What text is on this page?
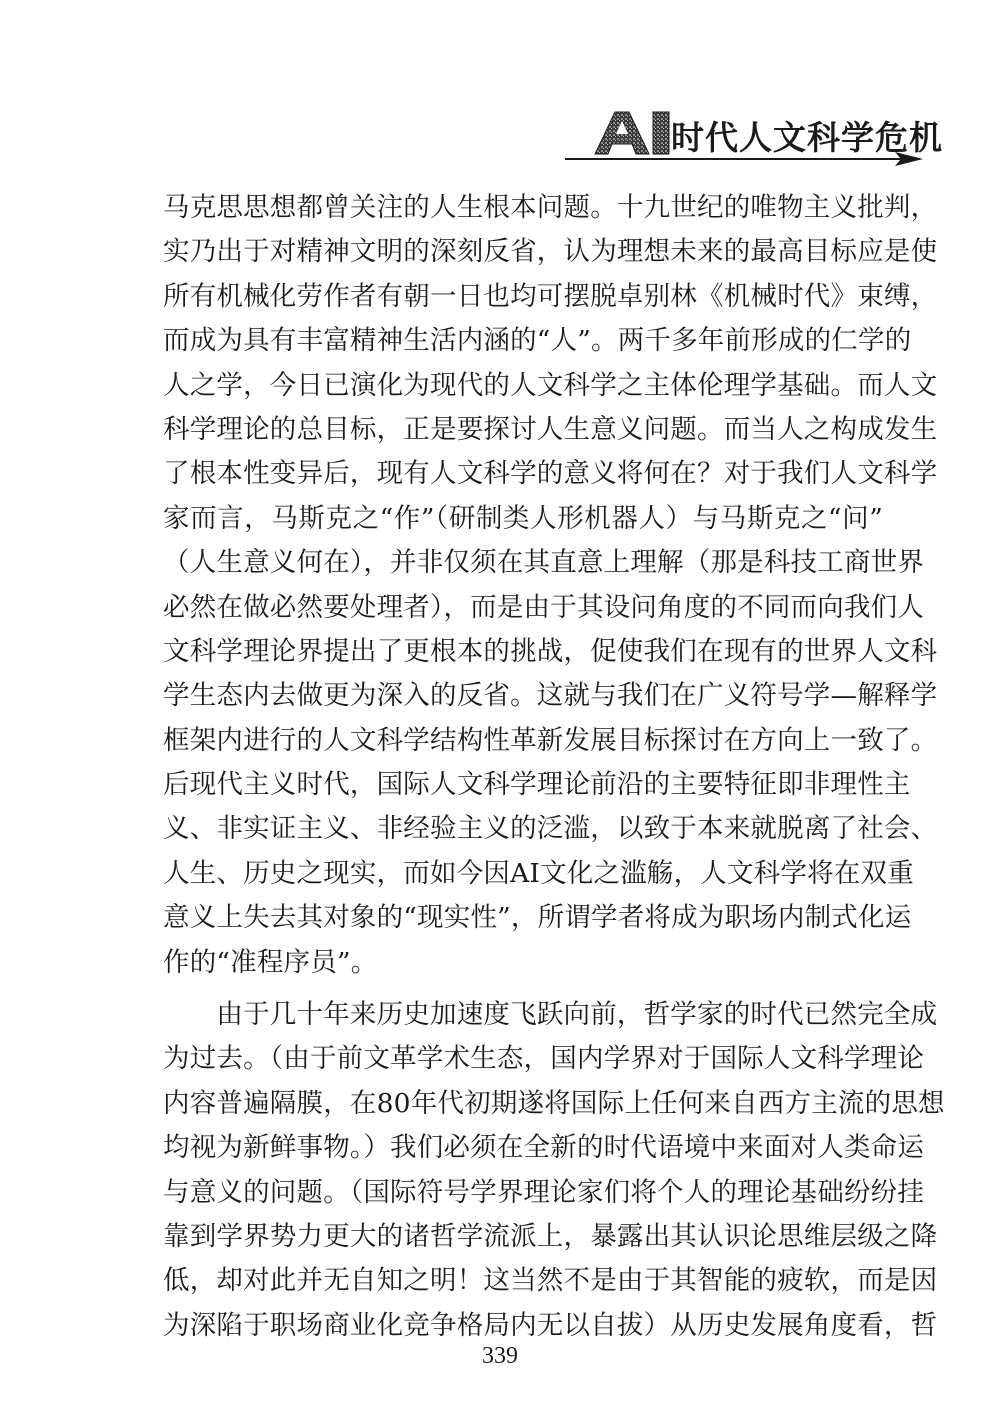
AI
时代人文科学危机
马克思思想都曾关注的人生根本问题。十九世纪的唯物主义批判，
实乃出于对精神文明的深刻反省，认为理想未来的最高目标应是使
所有机械化劳作者有朝一日也均可摆脱卓别林《机械时代》束缚，
而成为具有丰富精神生活内涵的“人”。两千多年前形成的仁学的
人之学，今日已演化为现代的人文科学之主体伦理学基础。而人文
科学理论的总目标，正是要探讨人生意义问题。而当人之构成发生
了根本性变异后，现有人文科学的意义将何在？对于我们人文科学
家而言，马斯克之“作”（研制类人形机器人）与马斯克之“问”
（人生意义何在），并非仅须在其直意上理解（那是科技工商世界
必然在做必然要处理者），而是由于其设问角度的不同而向我们人
文科学理论界提出了更根本的挑战，促使我们在现有的世界人文科
学生态内去做更为深入的反省。这就与我们在广义符号学—解释学
框架内进行的人文科学结构性革新发展目标探讨在方向上一致了。
后现代主义时代，国际人文科学理论前沿的主要特征即非理性主
义、非实证主义、非经验主义的泛滥，以致于本来就脱离了社会、
人生、历史之现实，而如今因AI文化之滥觞，人文科学将在双重
意义上失去其对象的“现实性”，所谓学者将成为职场内制式化运
作的“准程序员”。
　　由于几十年来历史加速度飞跃向前，哲学家的时代已然完全成
为过去。（由于前文革学术生态，国内学界对于国际人文科学理论
内容普遍隔膜，在80年代初期遂将国际上任何来自西方主流的思想
均视为新鲜事物。）我们必须在全新的时代语境中来面对人类命运
与意义的问题。（国际符号学界理论家们将个人的理论基础纷纷挂
靠到学界势力更大的诸哲学流派上，暴露出其认识论思维层级之降
低，却对此并无自知之明！这当然不是由于其智能的疲软，而是因
为深陷于职场商业化竞争格局内无以自拔）从历史发展角度看，哲
339
